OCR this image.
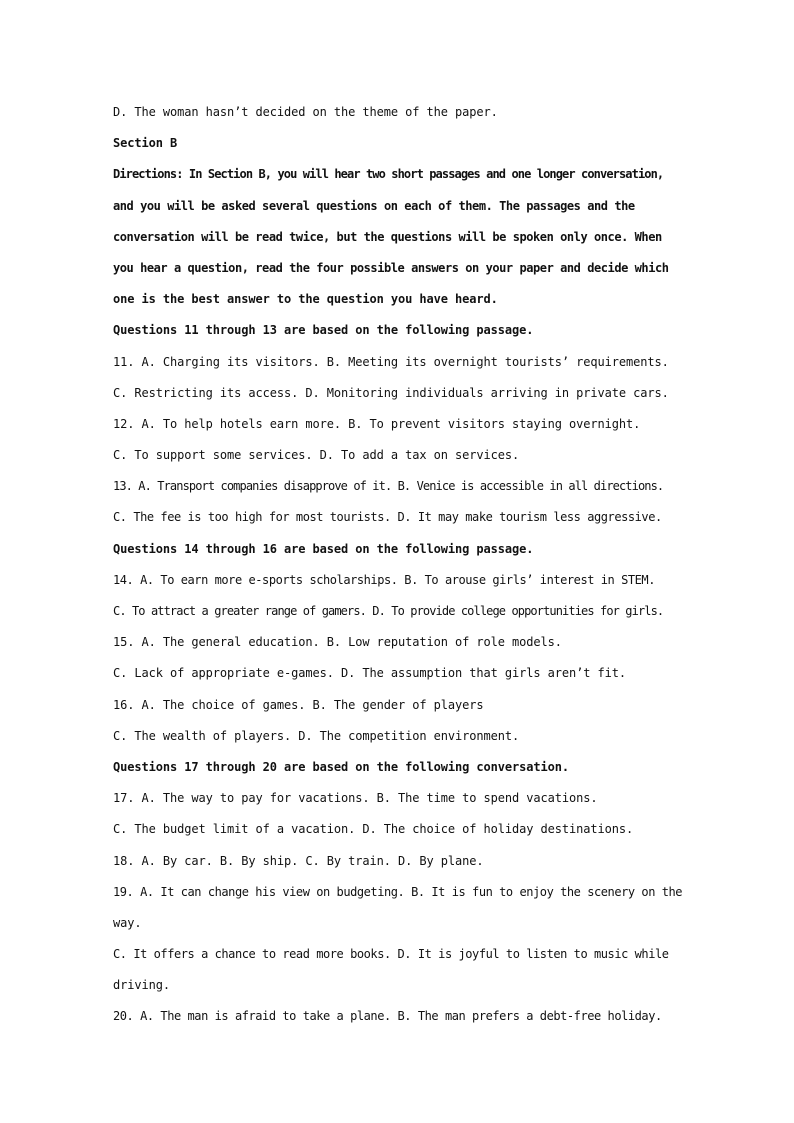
D. The woman hasn’t decided on the theme of the paper.
Section B
Directions: In Section B, you will hear two short passages and one longer conversation,
and you will be asked several questions on each of them. The passages and the
conversation will be read twice, but the questions will be spoken only once. When
you hear a question, read the four possible answers on your paper and decide which
one is the best answer to the question you have heard.
Questions 11 through 13 are based on the following passage.
11. A. Charging its visitors. B. Meeting its overnight tourists’ requirements.
C. Restricting its access. D. Monitoring individuals arriving in private cars.
12. A. To help hotels earn more. B. To prevent visitors staying overnight.
C. To support some services. D. To add a tax on services.
13. A. Transport companies disapprove of it. B. Venice is accessible in all directions.
C. The fee is too high for most tourists. D. It may make tourism less aggressive.
Questions 14 through 16 are based on the following passage.
14. A. To earn more e-sports scholarships. B. To arouse girls’ interest in STEM.
C. To attract a greater range of gamers. D. To provide college opportunities for girls.
15. A. The general education. B. Low reputation of role models.
C. Lack of appropriate e-games. D. The assumption that girls aren’t fit.
16. A. The choice of games. B. The gender of players
C. The wealth of players. D. The competition environment.
Questions 17 through 20 are based on the following conversation.
17. A. The way to pay for vacations. B. The time to spend vacations.
C. The budget limit of a vacation. D. The choice of holiday destinations.
18. A. By car. B. By ship. C. By train. D. By plane.
19. A. It can change his view on budgeting. B. It is fun to enjoy the scenery on the
way.
C. It offers a chance to read more books. D. It is joyful to listen to music while
driving.
20. A. The man is afraid to take a plane. B. The man prefers a debt-free holiday.
